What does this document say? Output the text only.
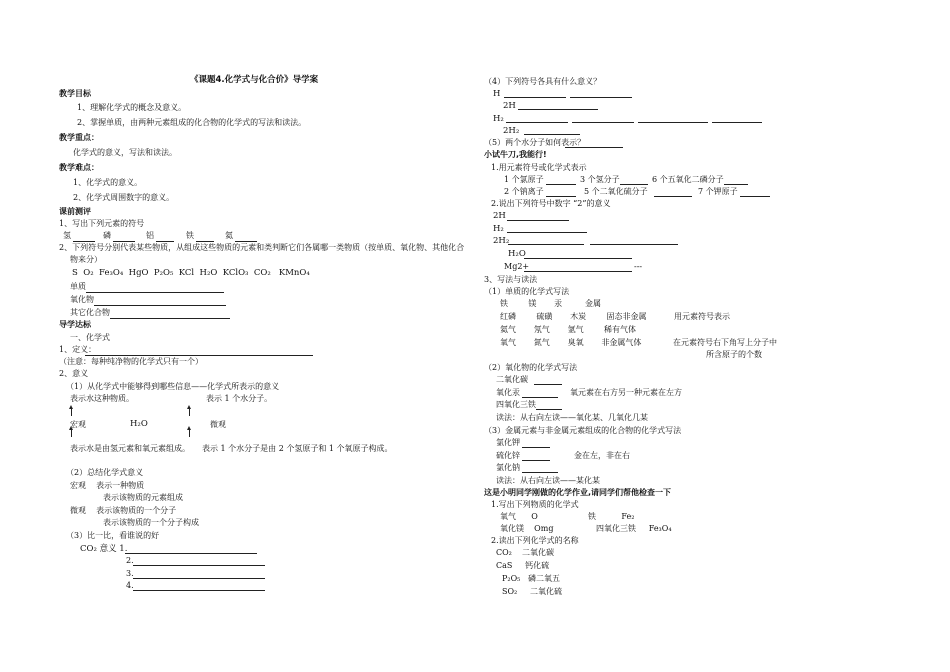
《课题4.化学式与化合价》导学案
教学目标
1、理解化学式的概念及意义。
2、掌握单质，由两种元素组成的化合物的化学式的写法和读法。
教学重点：
化学式的意义，写法和读法。
教学难点：
1、化学式的意义。
2、化学式周围数字的意义。
课前测评
1、写出下列元素的符号
氢	磷	铝	铁	氦
2、下列符号分别代表某些物质，从组成这些物质的元素和类判断它们各属哪一类物质（按单质、氧化物、其他化合
物来分）
S  O₂  Fe₃O₄  HgO  P₂O₅  KCl  H₂O  KClO₃  CO₂   KMnO₄
单质
氧化物
其它化合物
导学达标
一、化学式
1、定义：
（注意：每种纯净物的化学式只有一个）
2、意义
（1）从化学式中能够得到哪些信息——化学式所表示的意义
表示水这种物质。	表示 1 个水分子。
宏观	H₂O	微观
表示水是由氢元素和氧元素组成。 表示 1 个水分子是由 2 个氢原子和 1 个氧原子构成。
（2）总结化学式意义
宏观    表示一种物质
表示该物质的元素组成
微观    表示该物质的一个分子
表示该物质的一个分子构成
（3）比一比，看谁说的好
CO₂ 意义 1.
2.
3.
4.
（4）下列符号各具有什么意义？
H
2H
H₂
2H₂
（5）两个水分子如何表示？
小试牛刀,我能行!
1.用元素符号或化学式表示
1 个氯原子	3 个氢分子	6 个五氧化二磷分子
2 个钠离子	5 个二氧化硫分子	7 个钾原子
2.说出下列符号中数字 “2”的意义
2H
H₂
2H₂
H₂O
Mg2+	---
3、写法与读法
（1）单质的化学式写法
铁        镁       汞         金属
红磷        硫磺       木炭        固态非金属	用元素符号表示
氦气       氖气       氩气        稀有气体
氧气       氮气       臭氧       非金属气体	在元素符号右下角写上分子中
所含原子的个数
（2）氧化物的化学式写法
二氧化碳
氧化汞	氧元素在右方另一种元素在左方
四氧化三铁
读法：从右向左读——氧化某、几氧化几某
（3）金属元素与非金属元素组成的化合物的化学式写法
氯化钾
硫化锌	金在左，非在右
氯化钠
读法：从右向左读——某化某
这是小明同学刚做的化学作业,请同学们帮他检查一下
1.写出下列物质的化学式
氧气      O	铁          Fe₂
氧化镁    Omg	四氧化三铁     Fe₃O₄
2.读出下列化学式的名称
CO₂    二氧化碳
CaS     钙化硫
P₂O₅   磷二氧五
SO₂     二氧化硫
